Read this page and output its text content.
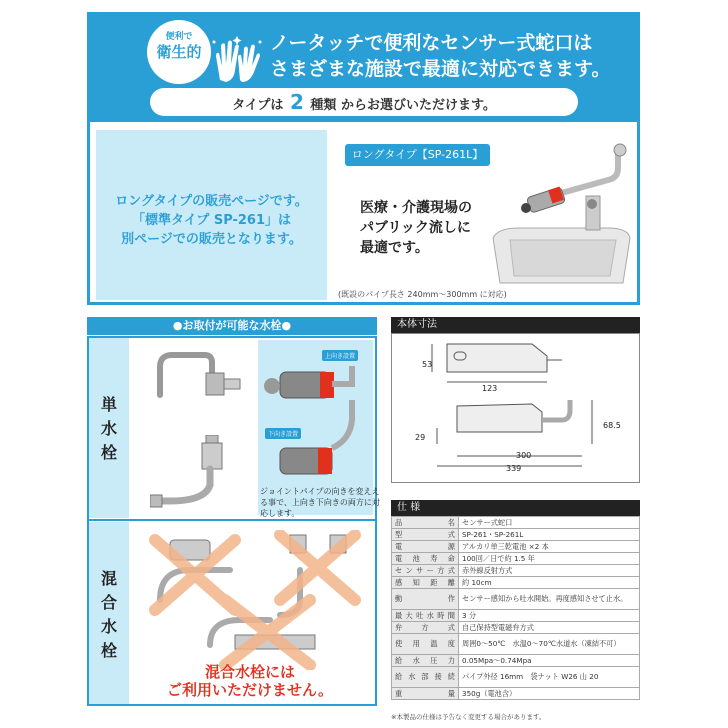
便利で
衛生的	ノータッチで便利なセンサー式蛇口は
さまざまな施設で最適に対応できます。
タイプは 2 種類 からお選びいただけます。
ロングタイプの販売ページです。
「標準タイプ SP-261」は
別ページでの販売となります。
ロングタイプ【SP-261L】
医療・介護現場の
パブリック流しに
最適です。
(既設のパイプ長さ 240mm〜300mm に対応)
●お取付が可能な水栓●
単水栓
混合水栓
上向き設置
下向き設置
ジョイントパイプの向きを変ええる事で、上向き下向きの両方に対応します。
混合水栓には
ご利用いただけません。
本体寸法
53
123
68.5
29
300
339
仕 様
品名	センサー式蛇口
型式	SP-261・SP-261L
電源	アルカリ単三乾電池 ×2 本
電池寿命	100回／日で約 1.5 年
センサー方式	赤外線反射方式
感知距離	約 10cm
動作	センサー感知から吐水開始。再度感知させて止水。
最大吐水時間	3 分
弁方式	自己保持型電磁弁方式
使用温度	周囲0〜50℃　水温0〜70℃水道水（凍結不可）
給水圧力	0.05Mpa〜0.74Mpa
給水部接続	パイプ外径 16mm　袋ナット W26 山 20
重量	350g（電池含）
※本製品の仕様は予告なく変更する場合があります。
